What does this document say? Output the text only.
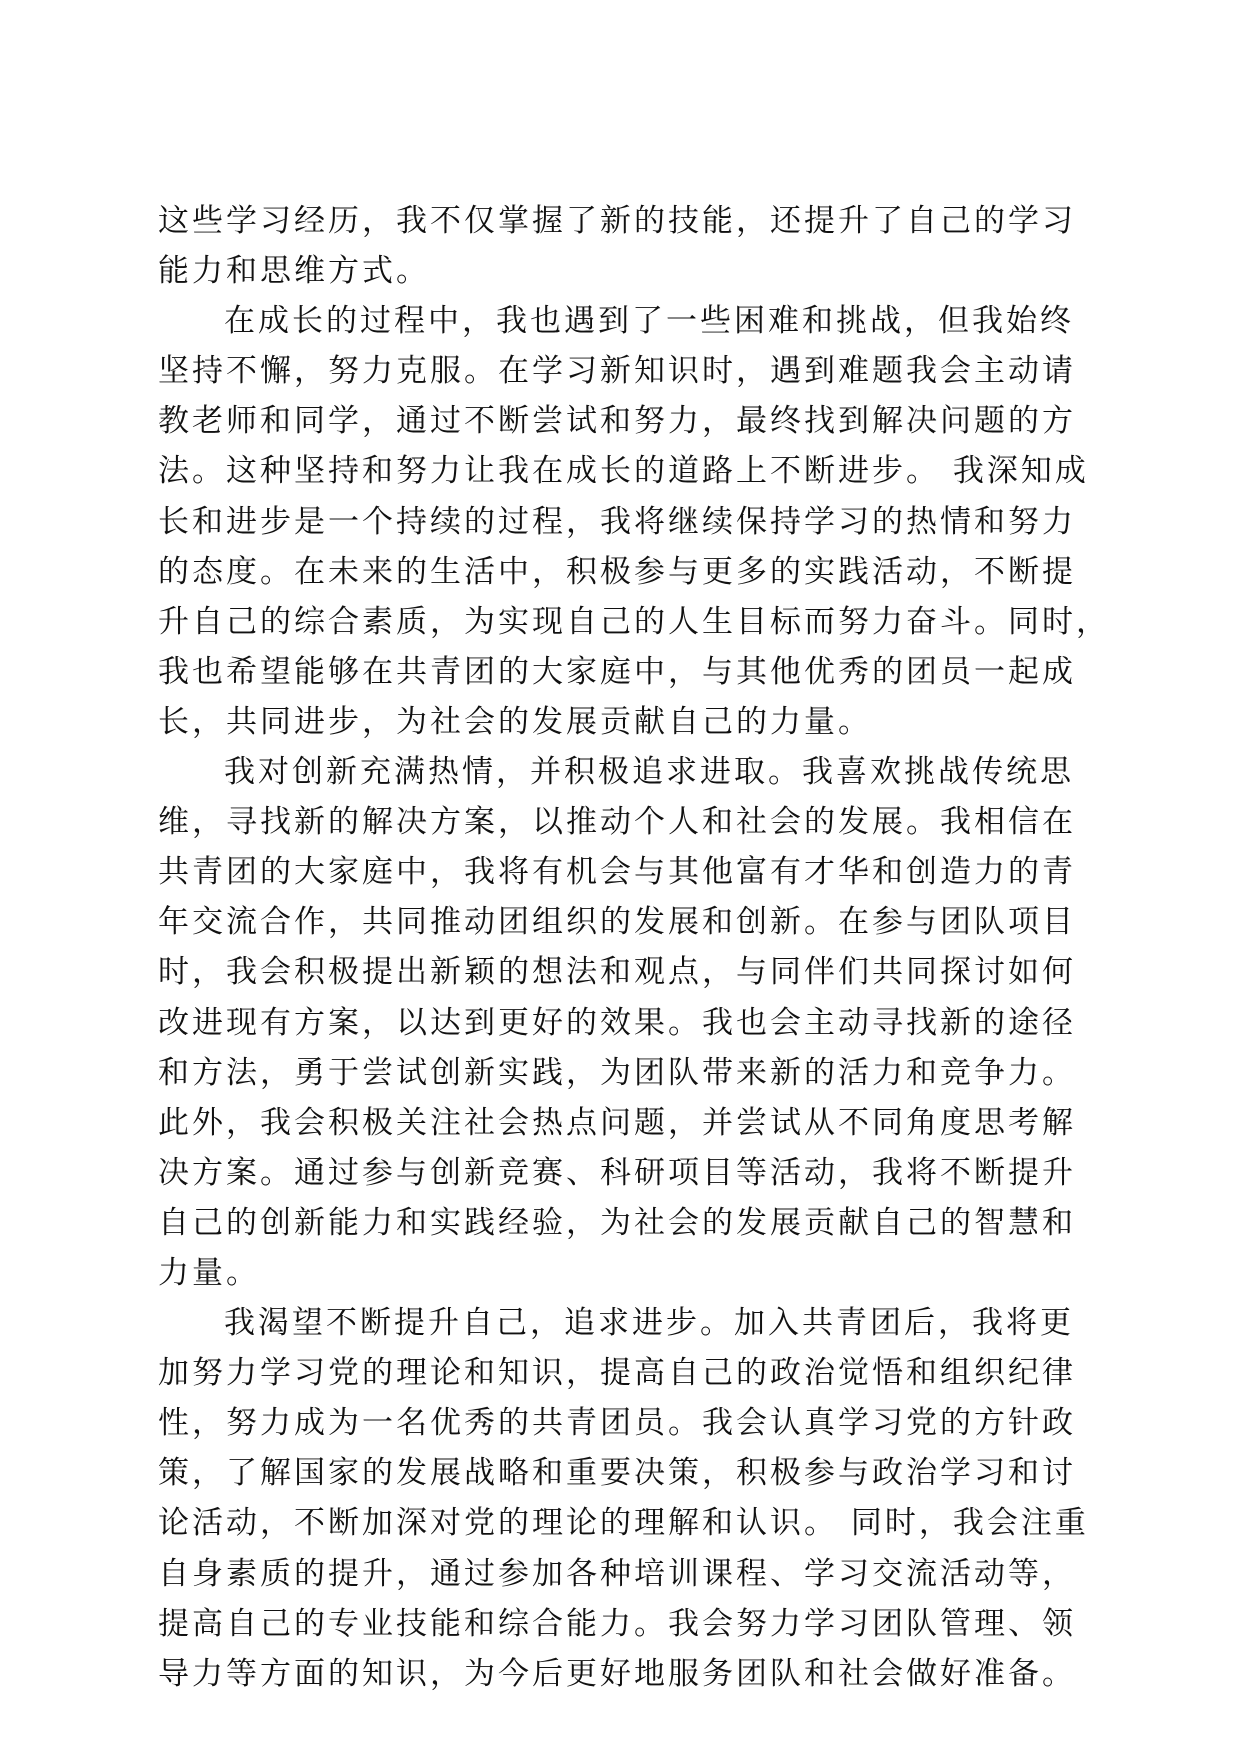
这些学习经历，我不仅掌握了新的技能，还提升了自己的学习
能力和思维方式。
在成长的过程中，我也遇到了一些困难和挑战，但我始终
坚持不懈，努力克服。在学习新知识时，遇到难题我会主动请
教老师和同学，通过不断尝试和努力，最终找到解决问题的方
法。这种坚持和努力让我在成长的道路上不断进步。 我深知成
长和进步是一个持续的过程，我将继续保持学习的热情和努力
的态度。在未来的生活中，积极参与更多的实践活动，不断提
升自己的综合素质，为实现自己的人生目标而努力奋斗。同时，
我也希望能够在共青团的大家庭中，与其他优秀的团员一起成
长，共同进步，为社会的发展贡献自己的力量。
我对创新充满热情，并积极追求进取。我喜欢挑战传统思
维，寻找新的解决方案，以推动个人和社会的发展。我相信在
共青团的大家庭中，我将有机会与其他富有才华和创造力的青
年交流合作，共同推动团组织的发展和创新。在参与团队项目
时，我会积极提出新颖的想法和观点，与同伴们共同探讨如何
改进现有方案，以达到更好的效果。我也会主动寻找新的途径
和方法，勇于尝试创新实践，为团队带来新的活力和竞争力。
此外，我会积极关注社会热点问题，并尝试从不同角度思考解
决方案。通过参与创新竞赛、科研项目等活动，我将不断提升
自己的创新能力和实践经验，为社会的发展贡献自己的智慧和
力量。
我渴望不断提升自己，追求进步。加入共青团后，我将更
加努力学习党的理论和知识，提高自己的政治觉悟和组织纪律
性，努力成为一名优秀的共青团员。我会认真学习党的方针政
策，了解国家的发展战略和重要决策，积极参与政治学习和讨
论活动，不断加深对党的理论的理解和认识。 同时，我会注重
自身素质的提升，通过参加各种培训课程、学习交流活动等，
提高自己的专业技能和综合能力。我会努力学习团队管理、领
导力等方面的知识，为今后更好地服务团队和社会做好准备。
